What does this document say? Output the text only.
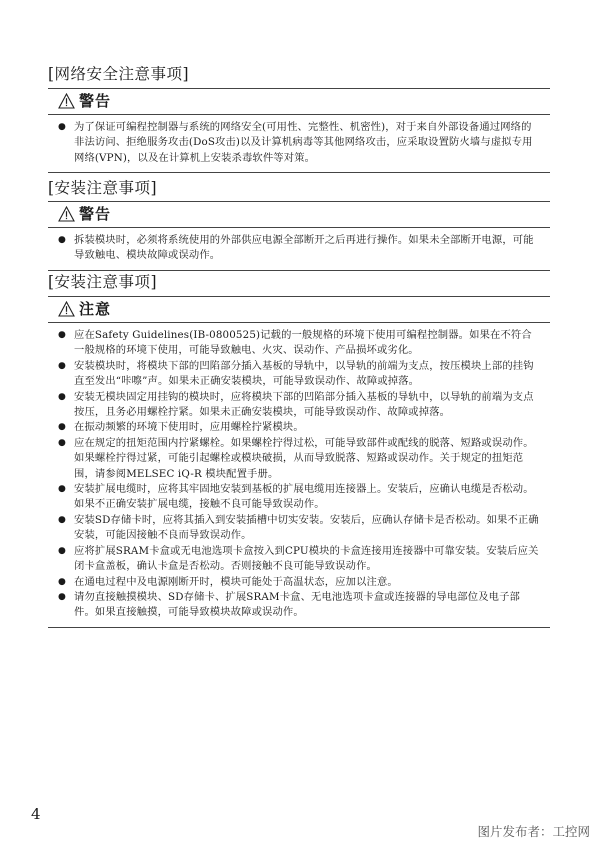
[网络安全注意事项]
警告
● 为了保证可编程控制器与系统的网络安全(可用性、完整性、机密性)，对于来自外部设备通过网络的非法访问、拒绝服务攻击(DoS攻击)以及计算机病毒等其他网络攻击，应采取设置防火墙与虚拟专用网络(VPN)，以及在计算机上安装杀毒软件等对策。
[安装注意事项]
警告
● 拆装模块时，必须将系统使用的外部供应电源全部断开之后再进行操作。如果未全部断开电源，可能导致触电、模块故障或误动作。
[安装注意事项]
注意
● 应在Safety Guidelines(IB-0800525)记载的一般规格的环境下使用可编程控制器。如果在不符合一般规格的环境下使用，可能导致触电、火灾、误动作、产品损坏或劣化。
● 安装模块时，将模块下部的凹陷部分插入基板的导轨中，以导轨的前端为支点，按压模块上部的挂钩直至发出“咔嚓”声。如果未正确安装模块，可能导致误动作、故障或掉落。
● 安装无模块固定用挂钩的模块时，应将模块下部的凹陷部分插入基板的导轨中，以导轨的前端为支点按压，且务必用螺栓拧紧。如果未正确安装模块，可能导致误动作、故障或掉落。
● 在振动频繁的环境下使用时，应用螺栓拧紧模块。
● 应在规定的扭矩范围内拧紧螺栓。如果螺栓拧得过松，可能导致部件或配线的脱落、短路或误动作。如果螺栓拧得过紧，可能引起螺栓或模块破损，从而导致脱落、短路或误动作。关于规定的扭矩范围，请参阅MELSEC iQ-R 模块配置手册。
● 安装扩展电缆时，应将其牢固地安装到基板的扩展电缆用连接器上。安装后，应确认电缆是否松动。如果不正确安装扩展电缆，接触不良可能导致误动作。
● 安装SD存储卡时，应将其插入到安装插槽中切实安装。安装后，应确认存储卡是否松动。如果不正确安装，可能因接触不良而导致误动作。
● 应将扩展SRAM卡盒或无电池选项卡盒按入到CPU模块的卡盒连接用连接器中可靠安装。安装后应关闭卡盒盖板，确认卡盒是否松动。否则接触不良可能导致误动作。
● 在通电过程中及电源刚断开时，模块可能处于高温状态，应加以注意。
● 请勿直接触摸模块、SD存储卡、扩展SRAM卡盒、无电池选项卡盒或连接器的导电部位及电子部件。如果直接触摸，可能导致模块故障或误动作。
4
图片发布者：工控网
